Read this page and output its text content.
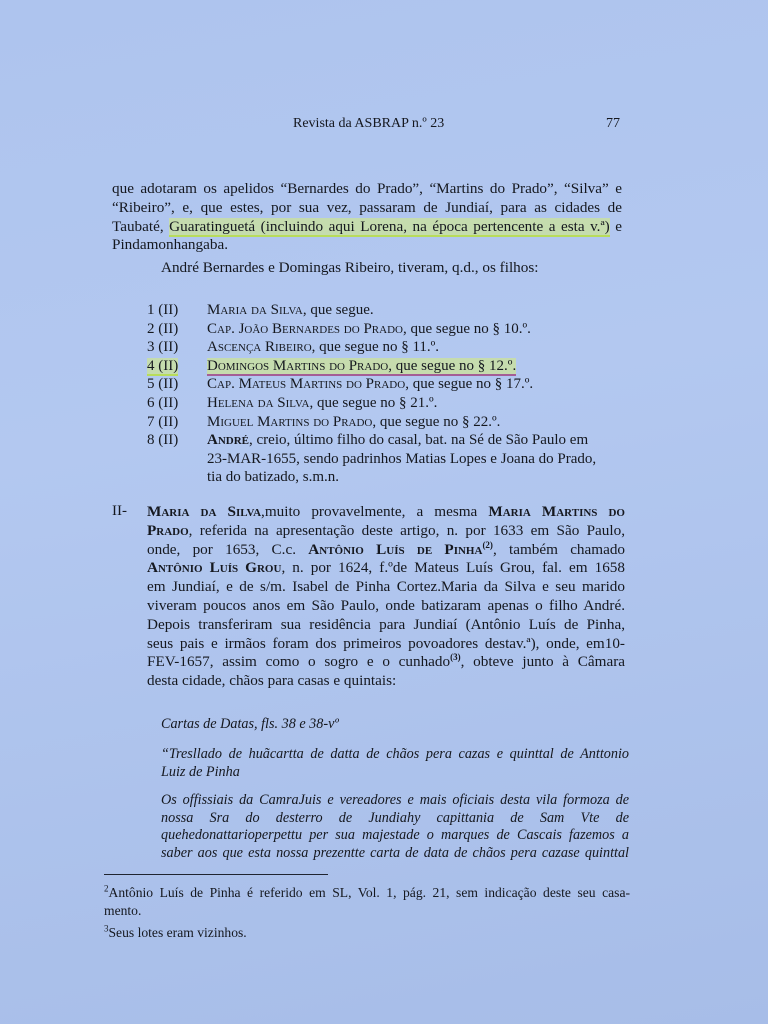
Revista da ASBRAP n.º 23	77
que adotaram os apelidos “Bernardes do Prado”, “Martins do Prado”, “Silva” e
“Ribeiro”, e, que estes, por sua vez, passaram de Jundiaí, para as cidades de
Taubaté, Guaratinguetá (incluindo aqui Lorena, na época pertencente a esta v.ª) e
Pindamonhangaba.
André Bernardes e Domingas Ribeiro, tiveram, q.d., os filhos:
1 (II)	Maria da Silva, que segue.
2 (II)	Cap. João Bernardes do Prado, que segue no § 10.º.
3 (II)	Ascença Ribeiro, que segue no § 11.º.
4 (II)	Domingos Martins do Prado, que segue no § 12.º.
5 (II)	Cap. Mateus Martins do Prado, que segue no § 17.º.
6 (II)	Helena da Silva, que segue no § 21.º.
7 (II)	Miguel Martins do Prado, que segue no § 22.º.
8 (II)	André, creio, último filho do casal, bat. na Sé de São Paulo em
23-MAR-1655, sendo padrinhos Matias Lopes e Joana do Prado,
tia do batizado, s.m.n.
II- Maria da Silva,muito provavelmente, a mesma Maria Martins do
Prado, referida na apresentação deste artigo, n. por 1633 em São Paulo,
onde, por 1653, C.c. Antônio Luís de Pinha$^{(2)}$, também chamado
Antônio Luís Grou, n. por 1624, f.ºde Mateus Luís Grou, fal. em 1658
em Jundiaí, e de s/m. Isabel de Pinha Cortez.Maria da Silva e seu marido
viveram poucos anos em São Paulo, onde batizaram apenas o filho André.
Depois transferiram sua residência para Jundiaí (Antônio Luís de Pinha,
seus pais e irmãos foram dos primeiros povoadores destav.ª), onde, em10-
FEV-1657, assim como o sogro e o cunhado$^{(3)}$, obteve junto à Câmara
desta cidade, chãos para casas e quintais:
Cartas de Datas, fls. 38 e 38-vº
“Tresllado de huãcartta de datta de chãos pera cazas e quinttal de Anttonio
Luiz de Pinha
Os offissiais da CamraJuis e vereadores e mais oficiais desta vila formoza de
nossa Sra do desterro de Jundiahy capittania de Sam Vte de
quehedonattarioperpettu per sua majestade o marques de Cascais fazemos a
saber aos que esta nossa prezentte carta de data de chãos pera cazase quinttal
$^2$Antônio Luís de Pinha é referido em SL, Vol. 1, pág. 21, sem indicação deste seu casa-
mento.
$^3$Seus lotes eram vizinhos.
